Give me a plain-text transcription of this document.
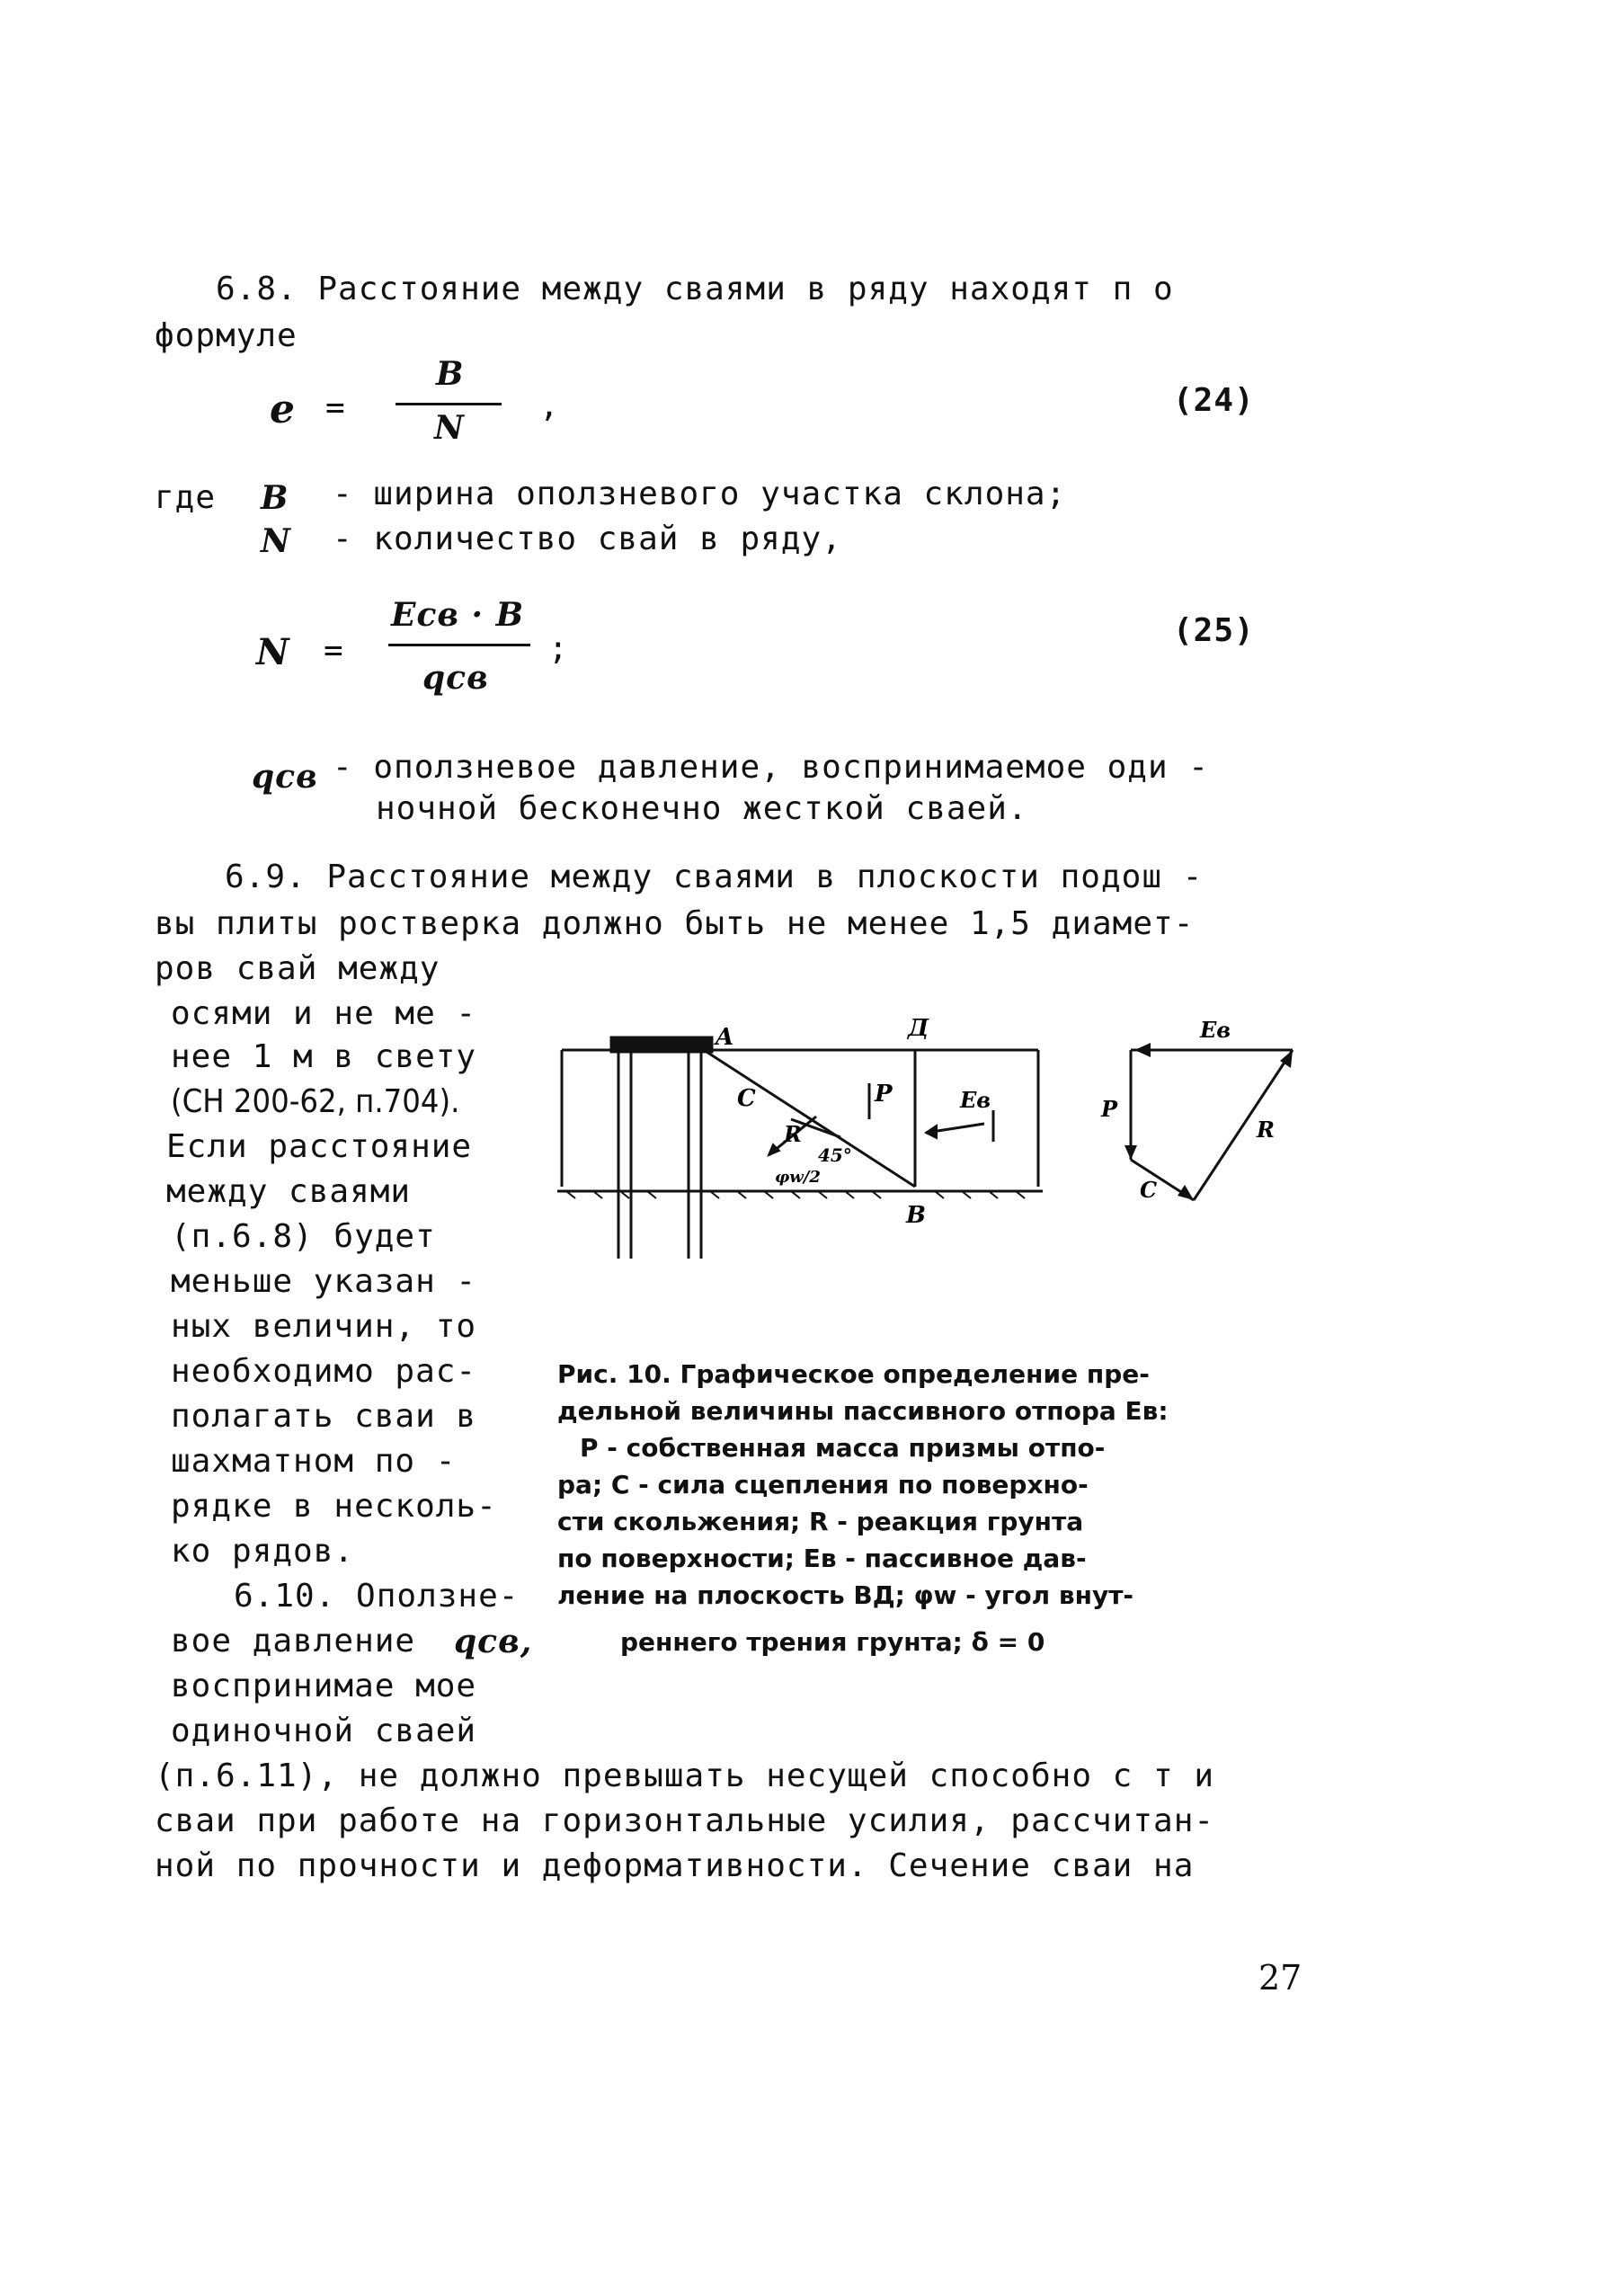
6.8. Расстояние между сваями в ряду находят п о
формуле
e =
B
N
,	(24)
где B - ширина оползневого участка склона;
N - количество свай в ряду,
N =
Eсв · B
qсв
;	(25)
qсв - оползневое давление, воспринимаемое оди -
ночной бесконечно жесткой сваей.
6.9. Расстояние между сваями в плоскости подош -
вы плиты ростверка должно быть не менее 1,5 диамет-
ров свай между
осями и не ме -
нее 1 м в свету
(СН 200-62, п.704).
Если расстояние
между сваями
(п.6.8) будет
меньше указан -
ных величин, то
необходимо рас-
полагать сваи в
шахматном по -
рядке в несколь-
ко рядов.
6.10. Оползне-
вое давление qсв,
воспринимае мое
одиночной сваей
(п.6.11), не должно превышать несущей способно с т и
сваи при работе на горизонтальные усилия, рассчитан-
ной по прочности и деформативности. Сечение сваи на
A	Д
B
C
R
P	Eв
45°
φw/2
Eв
P
R
C
Рис. 10. Графическое определение пре-
дельной величины пассивного отпора Eв:
P - собственная масса призмы отпо-
ра; C - сила сцепления по поверхно-
сти скольжения; R - реакция грунта
по поверхности; Eв - пассивное дав-
ление на плоскость ВД; φw - угол внут-
реннего трения грунта; δ = 0
27
